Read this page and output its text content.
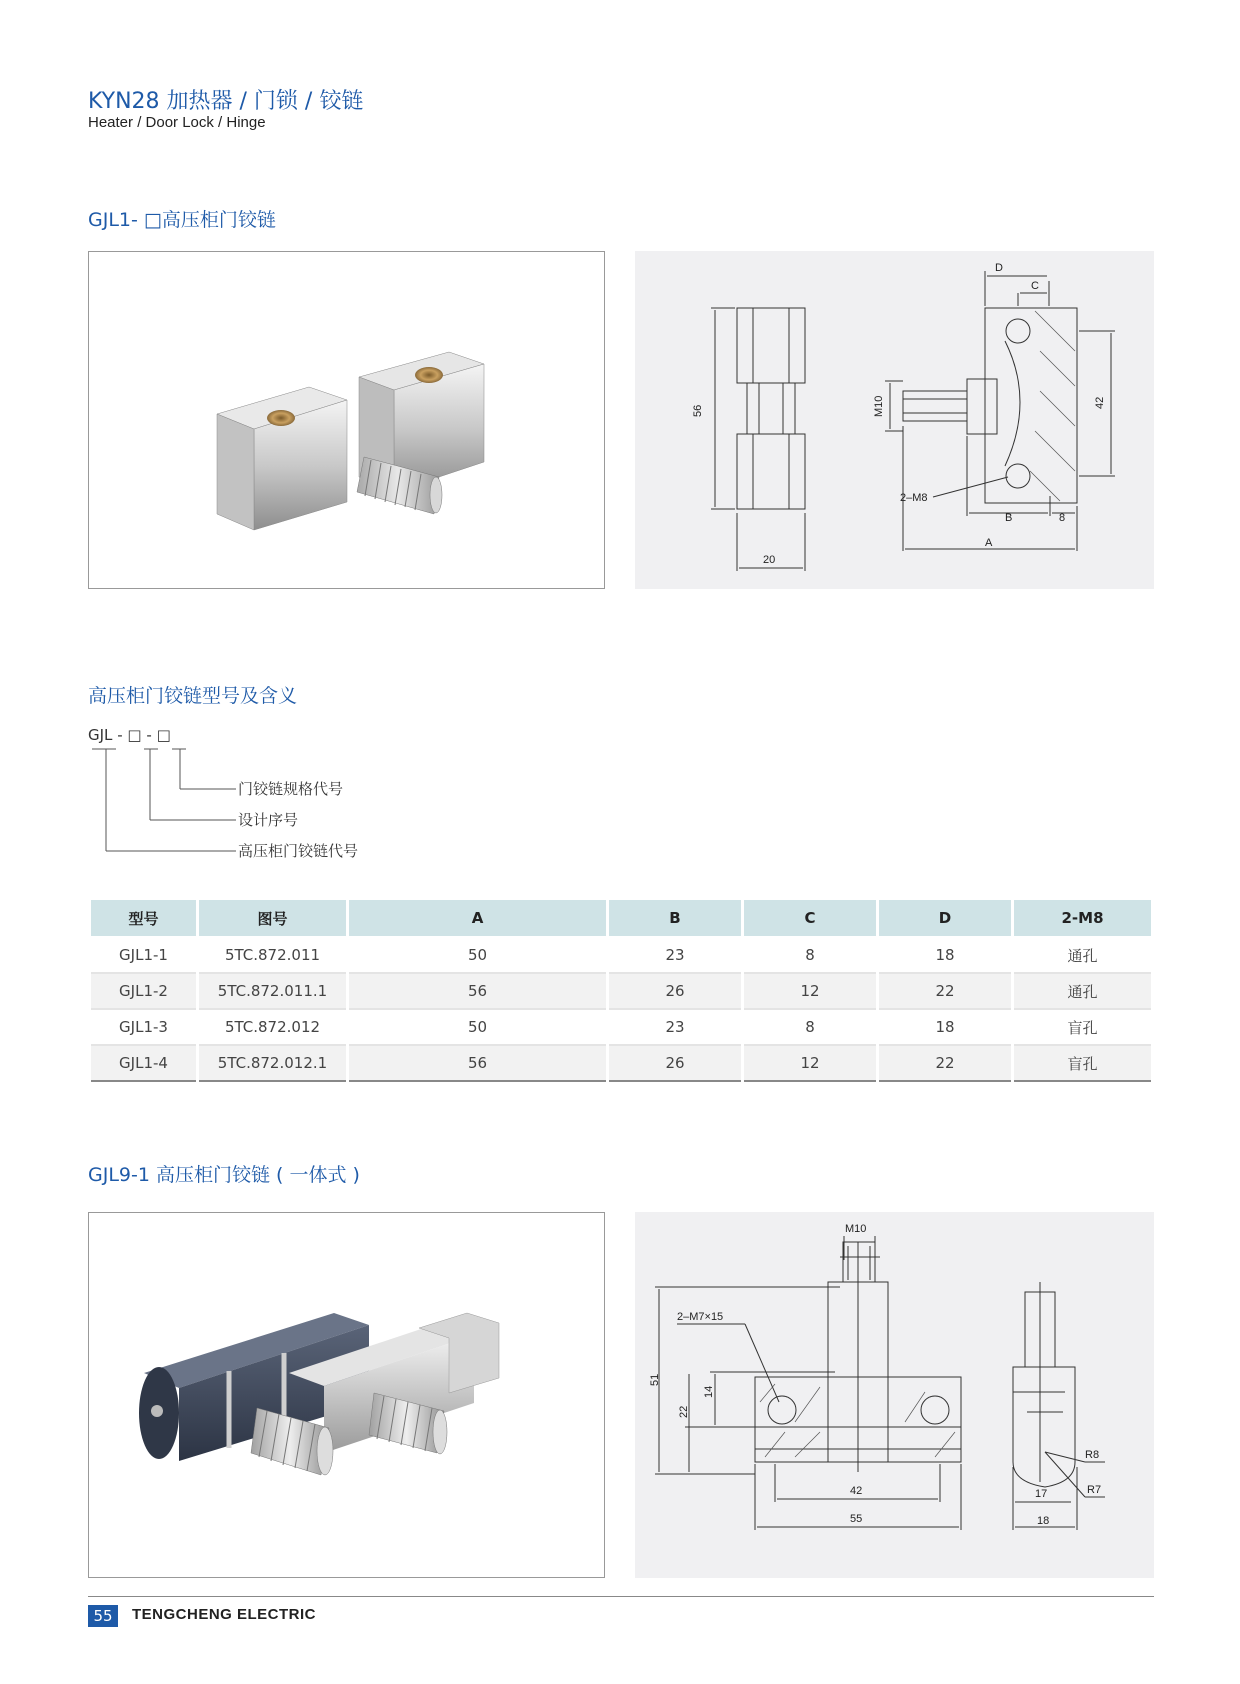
KYN28 加热器 / 门锁 / 铰链
Heater / Door Lock / Hinge
GJL1- □高压柜门铰链
D
C
56	M10	42
2–M8
B	8
20
A
高压柜门铰链型号及含义
GJL - □ - □
门铰链规格代号
设计序号
高压柜门铰链代号
型号	图号	A	B	C	D	2-M8
GJL1-1	5TC.872.011	50	23	8	18	通孔
GJL1-2	5TC.872.011.1	56	26	12	22	通孔
GJL1-3	5TC.872.012	50	23	8	18	盲孔
GJL1-4	5TC.872.012.1	56	26	12	22	盲孔
GJL9-1 高压柜门铰链 ( 一体式 )
M10
2–M7×15
51
22
14
42
55
R8
R7
17
18
55	TENGCHENG ELECTRIC
